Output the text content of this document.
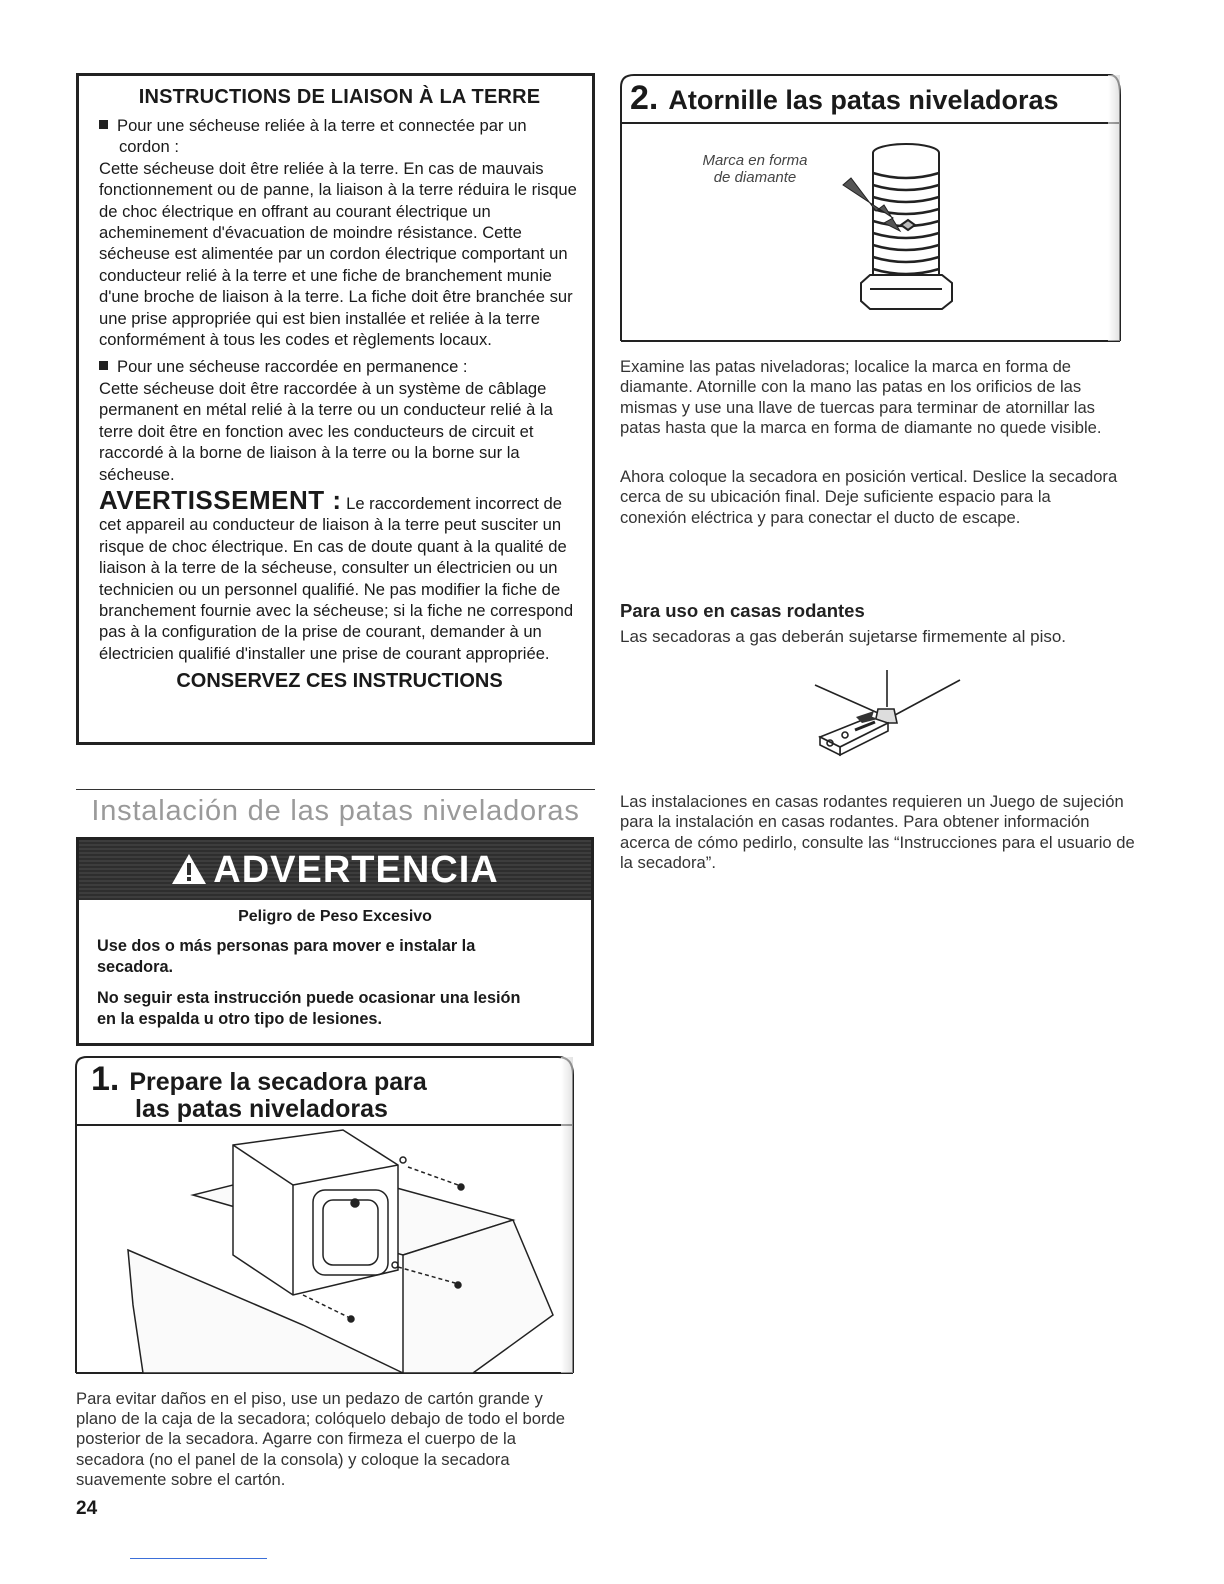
INSTRUCTIONS DE LIAISON À LA TERRE
Pour une sécheuse reliée à la terre et connectée par un cordon :

Cette sécheuse doit être reliée à la terre. En cas de mauvais fonctionnement ou de panne, la liaison à la terre réduira le risque de choc électrique en offrant au courant électrique un acheminement d'évacuation de moindre résistance. Cette sécheuse est alimentée par un cordon électrique comportant un conducteur relié à la terre et une fiche de branchement munie d'une broche de liaison à la terre. La fiche doit être branchée sur une prise appropriée qui est bien installée et reliée à la terre conformément à tous les codes et règlements locaux.

Pour une sécheuse raccordée en permanence :

Cette sécheuse doit être raccordée à un système de câblage permanent en métal relié à la terre ou un conducteur relié à la terre doit être en fonction avec les conducteurs de circuit et raccordé à la borne de liaison à la terre ou la borne sur la sécheuse.

AVERTISSEMENT : Le raccordement incorrect de cet appareil au conducteur de liaison à la terre peut susciter un risque de choc électrique. En cas de doute quant à la qualité de liaison à la terre de la sécheuse, consulter un électricien ou un technicien ou un personnel qualifié. Ne pas modifier la fiche de branchement fournie avec la sécheuse; si la fiche ne correspond pas à la configuration de la prise de courant, demander à un électricien qualifié d'installer une prise de courant appropriée.

CONSERVEZ CES INSTRUCTIONS

Instalación de las patas niveladoras
ADVERTENCIA
Peligro de Peso Excesivo

Use dos o más personas para mover e instalar la secadora.

No seguir esta instrucción puede ocasionar una lesión en la espalda u otro tipo de lesiones.

1. Prepare la secadora para
las patas niveladoras

Para evitar daños en el piso, use un pedazo de cartón grande y plano de la caja de la secadora; colóquelo debajo de todo el borde posterior de la secadora. Agarre con firmeza el cuerpo de la secadora (no el panel de la consola) y coloque la secadora suavemente sobre el cartón.

24
2. Atornille las patas niveladoras
Marca en forma
de diamante

Examine las patas niveladoras; localice la marca en forma de diamante. Atornille con la mano las patas en los orificios de las mismas y use una llave de tuercas para terminar de atornillar las patas hasta que la marca en forma de diamante no quede visible.

Ahora coloque la secadora en posición vertical. Deslice la secadora cerca de su ubicación final. Deje suficiente espacio para la conexión eléctrica y para conectar el ducto de escape.

Para uso en casas rodantes
Las secadoras a gas deberán sujetarse firmemente al piso.

Las instalaciones en casas rodantes requieren un Juego de sujeción para la instalación en casas rodantes. Para obtener información acerca de cómo pedirlo, consulte las “Instrucciones para el usuario de la secadora”.
